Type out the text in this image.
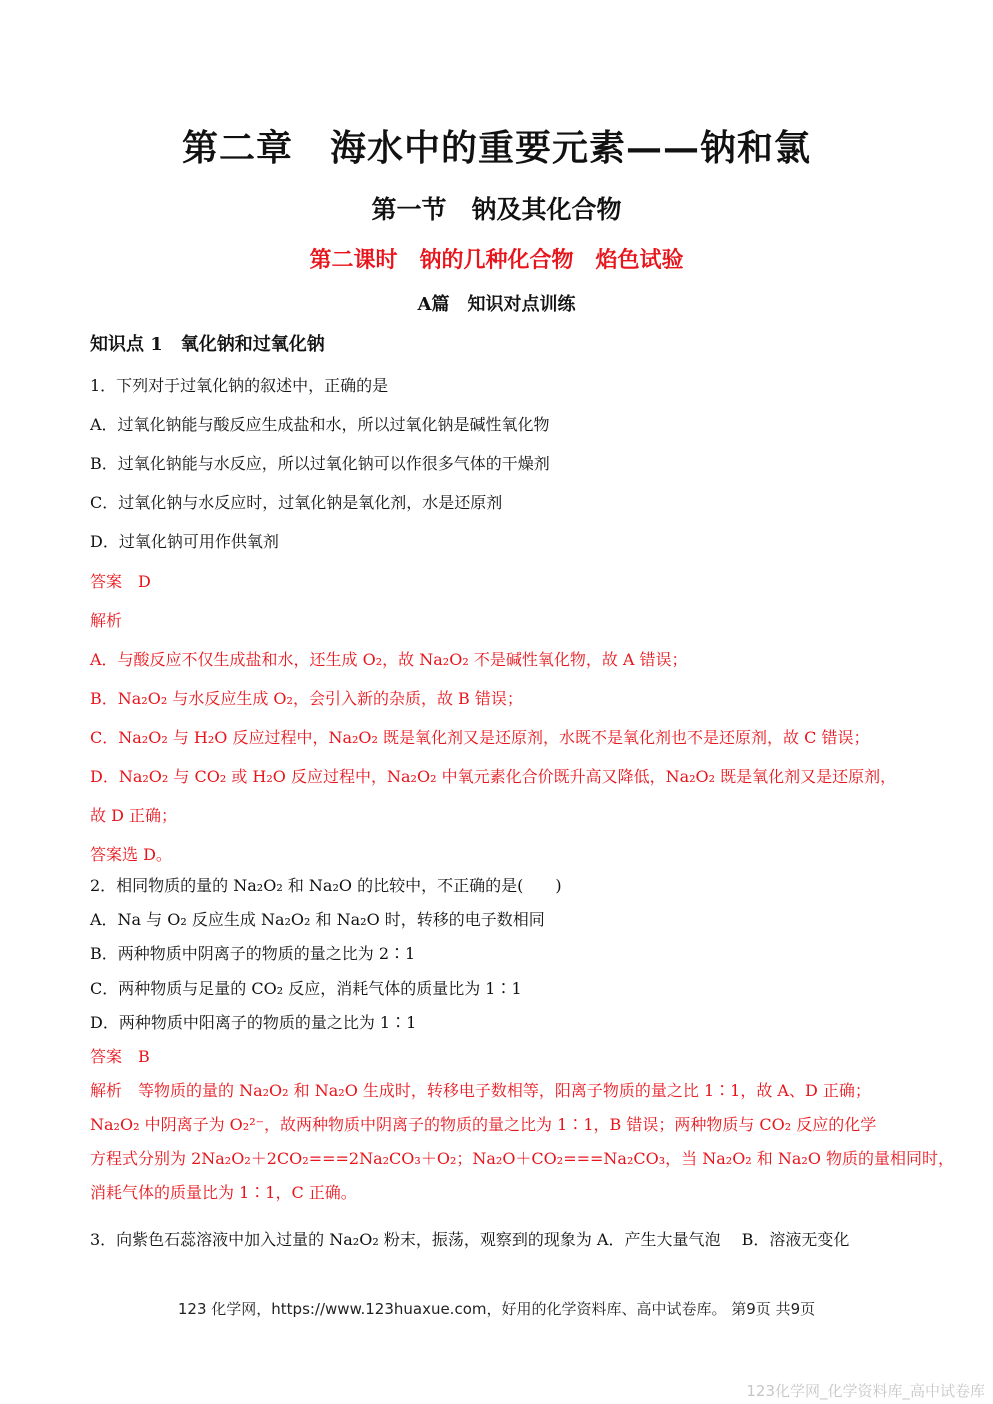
第二章　海水中的重要元素——钠和氯
第一节　钠及其化合物
第二课时　钠的几种化合物　焰色试验
A篇　知识对点训练
知识点 1　氧化钠和过氧化钠
1．下列对于过氧化钠的叙述中，正确的是
A．过氧化钠能与酸反应生成盐和水，所以过氧化钠是碱性氧化物
B．过氧化钠能与水反应，所以过氧化钠可以作很多气体的干燥剂
C．过氧化钠与水反应时，过氧化钠是氧化剂，水是还原剂
D．过氧化钠可用作供氧剂
答案　D
解析
A．与酸反应不仅生成盐和水，还生成 O₂，故 Na₂O₂ 不是碱性氧化物，故 A 错误；
B．Na₂O₂ 与水反应生成 O₂，会引入新的杂质，故 B 错误；
C．Na₂O₂ 与 H₂O 反应过程中，Na₂O₂ 既是氧化剂又是还原剂，水既不是氧化剂也不是还原剂，故 C 错误；
D．Na₂O₂ 与 CO₂ 或 H₂O 反应过程中，Na₂O₂ 中氧元素化合价既升高又降低，Na₂O₂ 既是氧化剂又是还原剂，
故 D 正确；
答案选 D。
2．相同物质的量的 Na₂O₂ 和 Na₂O 的比较中，不正确的是(　　)
A．Na 与 O₂ 反应生成 Na₂O₂ 和 Na₂O 时，转移的电子数相同
B．两种物质中阴离子的物质的量之比为 2∶1
C．两种物质与足量的 CO₂ 反应，消耗气体的质量比为 1∶1
D．两种物质中阳离子的物质的量之比为 1∶1
答案　B
解析　等物质的量的 Na₂O₂ 和 Na₂O 生成时，转移电子数相等，阳离子物质的量之比 1∶1，故 A、D 正确；
Na₂O₂ 中阴离子为 O₂²⁻，故两种物质中阴离子的物质的量之比为 1∶1，B 错误；两种物质与 CO₂ 反应的化学
方程式分别为 2Na₂O₂＋2CO₂===2Na₂CO₃＋O₂；Na₂O＋CO₂===Na₂CO₃，当 Na₂O₂ 和 Na₂O 物质的量相同时，
消耗气体的质量比为 1∶1，C 正确。
3．向紫色石蕊溶液中加入过量的 Na₂O₂ 粉末，振荡，观察到的现象为 A．产生大量气泡　 B．溶液无变化
123 化学网，https://www.123huaxue.com，好用的化学资料库、高中试卷库。 第9页 共9页
123化学网_化学资料库_高中试卷库
